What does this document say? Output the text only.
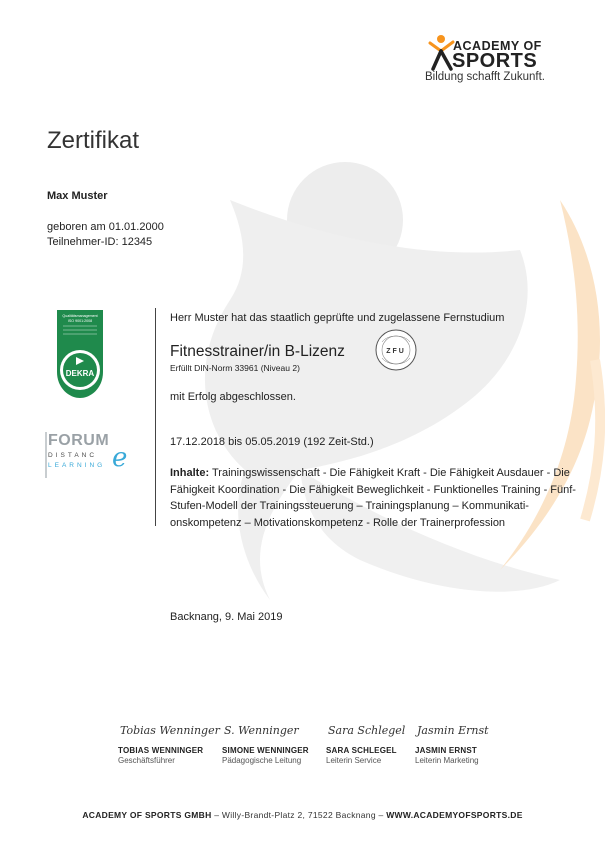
ACADEMY OF
SPORTS
Bildung schafft Zukunft.
Zertifikat
Max Muster
geboren am 01.01.2000
Teilnehmer-ID: 12345
Qualitätsmanagement
ISO 9001:2008
DEKRA
FORUM
DISTANC
LEARNING e
Herr Muster hat das staatlich geprüfte und zugelassene Fernstudium
Fitnesstrainer/in B-Lizenz
Erfüllt DIN-Norm 33961 (Niveau 2)
ZFU
mit Erfolg abgeschlossen.
17.12.2018 bis 05.05.2019 (192 Zeit-Std.)
Inhalte: Trainingswissenschaft - Die Fähigkeit Kraft - Die Fähigkeit Ausdauer - Die Fähigkeit Koordination - Die Fähigkeit Beweglichkeit - Funktionelles Training - Fünf-Stufen-Modell der Trainingssteuerung – Trainingsplanung – Kommunikati-onskompetenz – Motivationskompetenz - Rolle der Trainerprofession
Backnang, 9. Mai 2019
Tobias Wenninger
TOBIAS WENNINGER
Geschäftsführer
S. Wenninger
SIMONE WENNINGER
Pädagogische Leitung
Sara Schlegel
SARA SCHLEGEL
Leiterin Service
Jasmin Ernst
JASMIN ERNST
Leiterin Marketing
ACADEMY OF SPORTS GMBH – Willy-Brandt-Platz 2, 71522 Backnang – WWW.ACADEMYOFSPORTS.DE
